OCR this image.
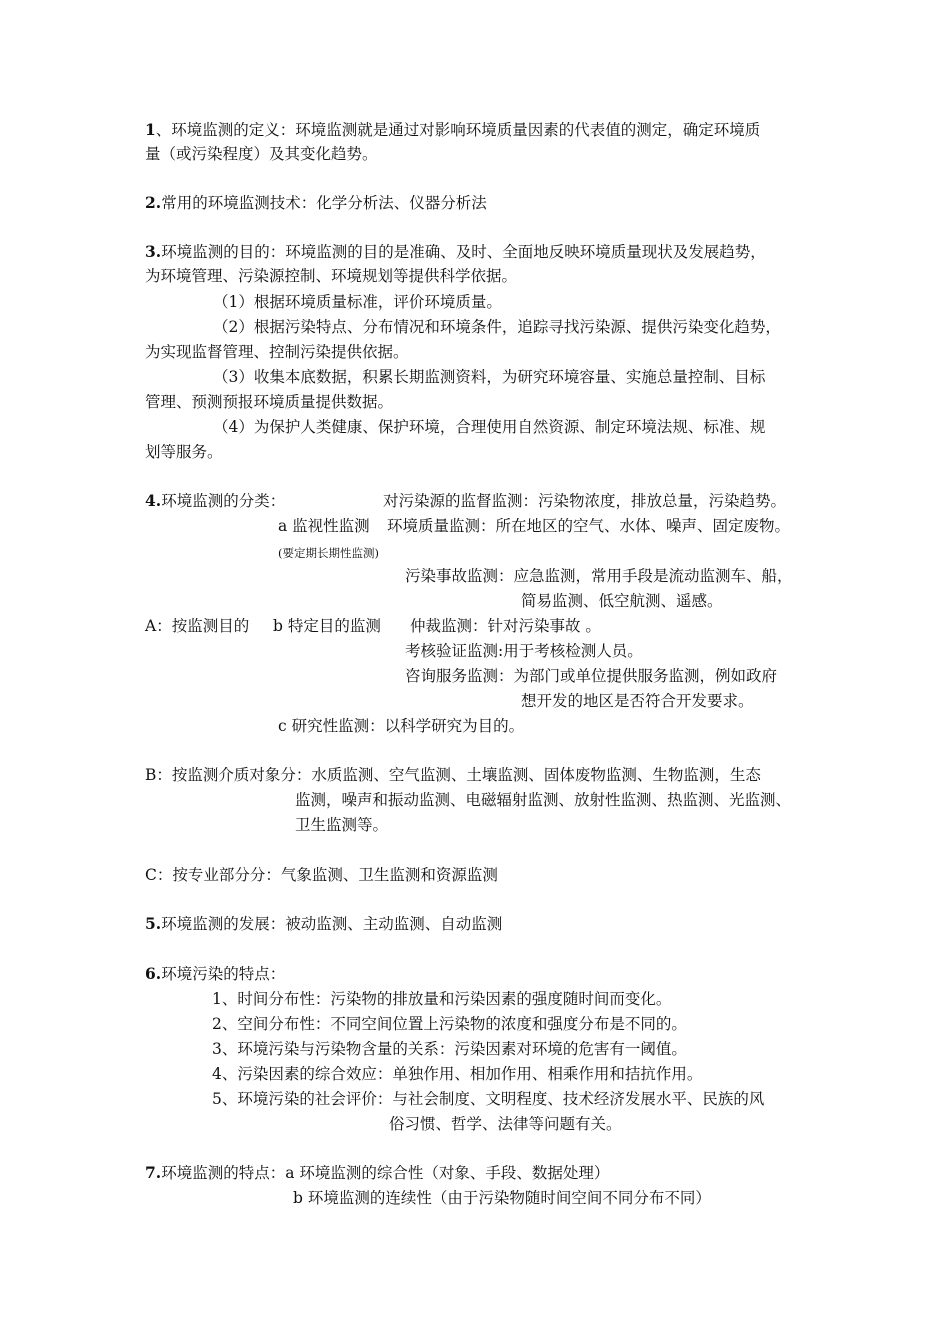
1、环境监测的定义：环境监测就是通过对影响环境质量因素的代表值的测定，确定环境质
量（或污染程度）及其变化趋势。
2.常用的环境监测技术：化学分析法、仪器分析法
3.环境监测的目的：环境监测的目的是准确、及时、全面地反映环境质量现状及发展趋势，
为环境管理、污染源控制、环境规划等提供科学依据。
（1）根据环境质量标准，评价环境质量。
（2）根据污染特点、分布情况和环境条件，追踪寻找污染源、提供污染变化趋势，
为实现监督管理、控制污染提供依据。
（3）收集本底数据，积累长期监测资料，为研究环境容量、实施总量控制、目标
管理、预测预报环境质量提供数据。
（4）为保护人类健康、保护环境，合理使用自然资源、制定环境法规、标准、规
划等服务。
4.环境监测的分类：	对污染源的监督监测：污染物浓度，排放总量，污染趋势。
a 监视性监测 环境质量监测：所在地区的空气、水体、噪声、固定废物。
(要定期长期性监测)
污染事故监测：应急监测，常用手段是流动监测车、船，
简易监测、低空航测、遥感。
A：按监测目的 b 特定目的监测 仲裁监测：针对污染事故 。
考核验证监测:用于考核检测人员。
咨询服务监测：为部门或单位提供服务监测，例如政府
想开发的地区是否符合开发要求。
c 研究性监测：以科学研究为目的。
B：按监测介质对象分：水质监测、空气监测、土壤监测、固体废物监测、生物监测，生态
监测，噪声和振动监测、电磁辐射监测、放射性监测、热监测、光监测、
卫生监测等。
C：按专业部分分：气象监测、卫生监测和资源监测
5.环境监测的发展：被动监测、主动监测、自动监测
6.环境污染的特点：
1、时间分布性：污染物的排放量和污染因素的强度随时间而变化。
2、空间分布性：不同空间位置上污染物的浓度和强度分布是不同的。
3、环境污染与污染物含量的关系：污染因素对环境的危害有一阈值。
4、污染因素的综合效应：单独作用、相加作用、相乘作用和拮抗作用。
5、环境污染的社会评价：与社会制度、文明程度、技术经济发展水平、民族的风
俗习惯、哲学、法律等问题有关。
7.环境监测的特点：a 环境监测的综合性（对象、手段、数据处理）
b 环境监测的连续性（由于污染物随时间空间不同分布不同）
